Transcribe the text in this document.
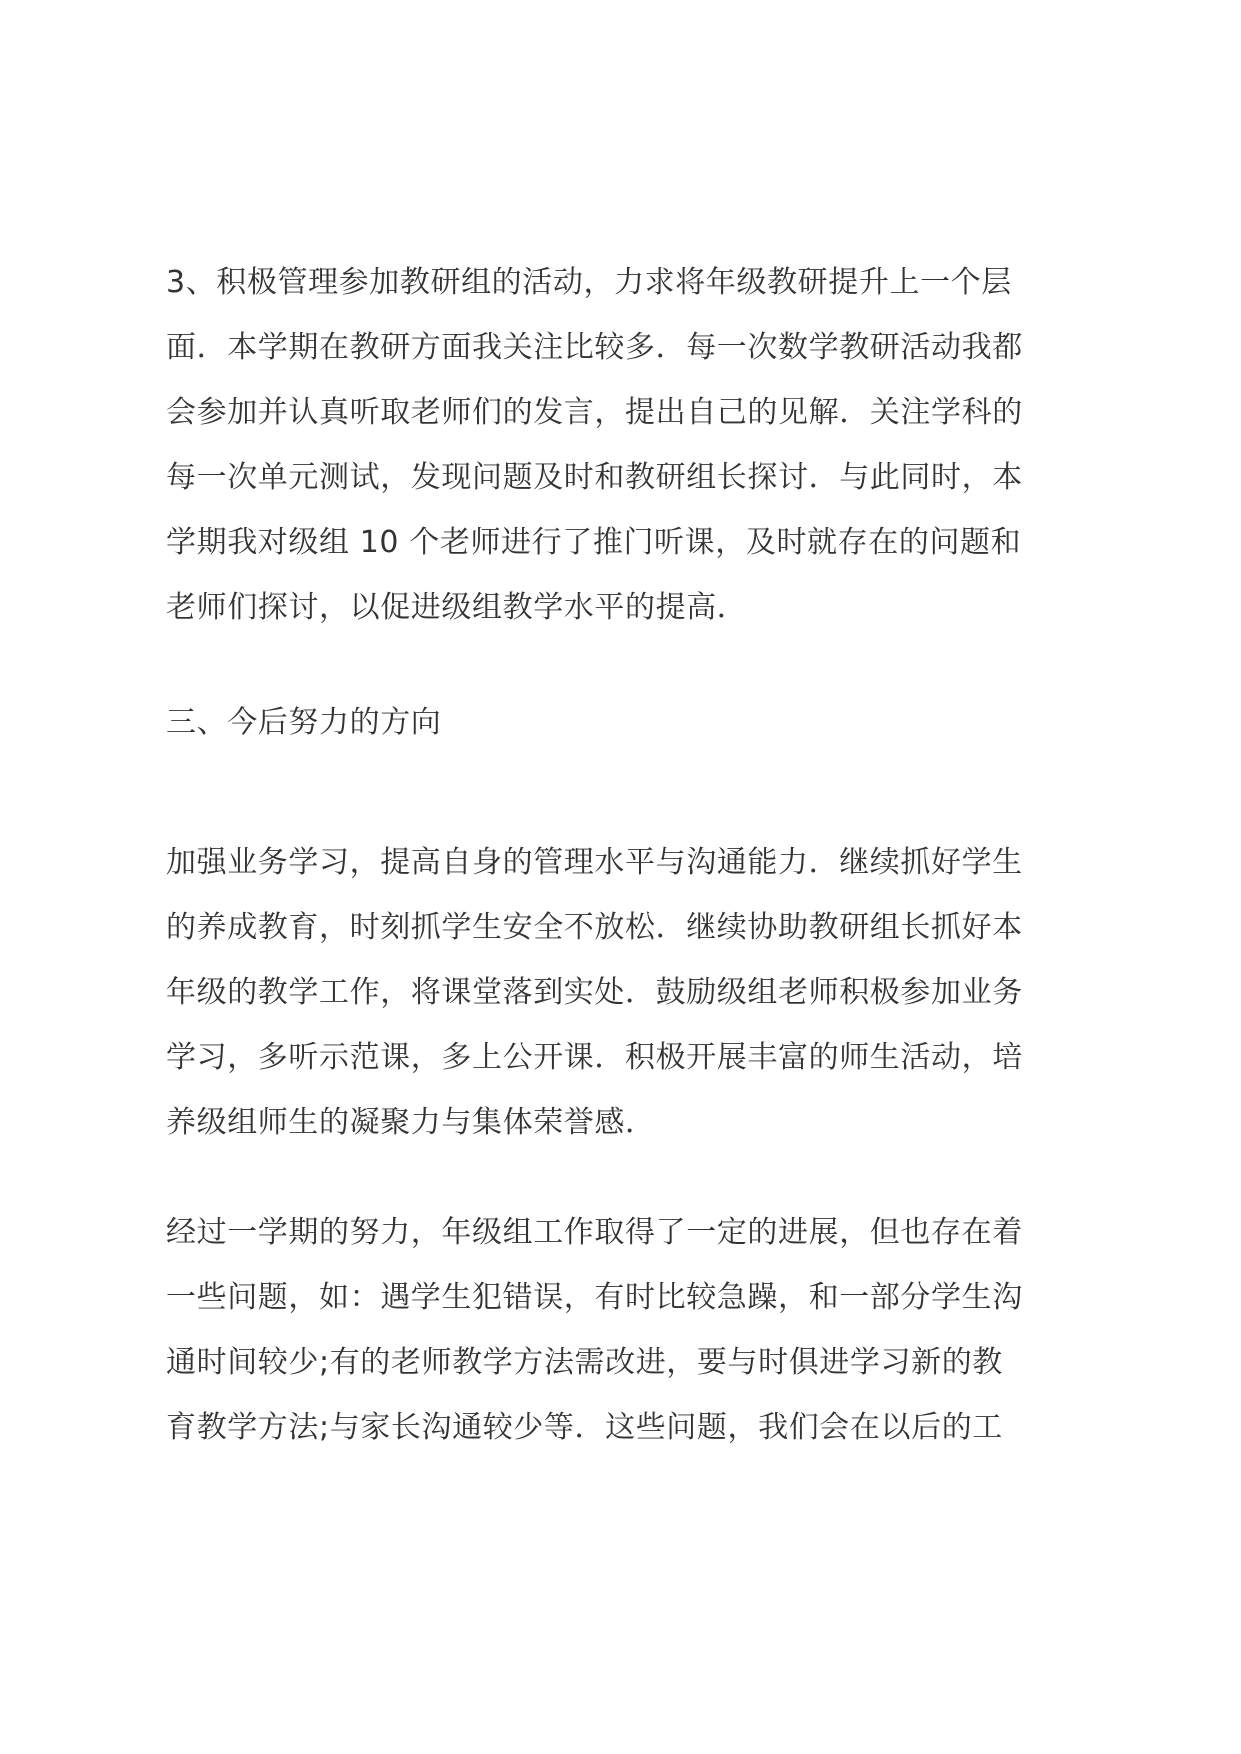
3、积极管理参加教研组的活动，力求将年级教研提升上一个层
面．本学期在教研方面我关注比较多．每一次数学教研活动我都
会参加并认真听取老师们的发言，提出自己的见解．关注学科的
每一次单元测试，发现问题及时和教研组长探讨．与此同时，本
学期我对级组 10 个老师进行了推门听课，及时就存在的问题和
老师们探讨，以促进级组教学水平的提高．
三、今后努力的方向
加强业务学习，提高自身的管理水平与沟通能力．继续抓好学生
的养成教育，时刻抓学生安全不放松．继续协助教研组长抓好本
年级的教学工作，将课堂落到实处．鼓励级组老师积极参加业务
学习，多听示范课，多上公开课．积极开展丰富的师生活动，培
养级组师生的凝聚力与集体荣誉感．
经过一学期的努力，年级组工作取得了一定的进展，但也存在着
一些问题，如：遇学生犯错误，有时比较急躁，和一部分学生沟
通时间较少;有的老师教学方法需改进，要与时俱进学习新的教
育教学方法;与家长沟通较少等．这些问题，我们会在以后的工
